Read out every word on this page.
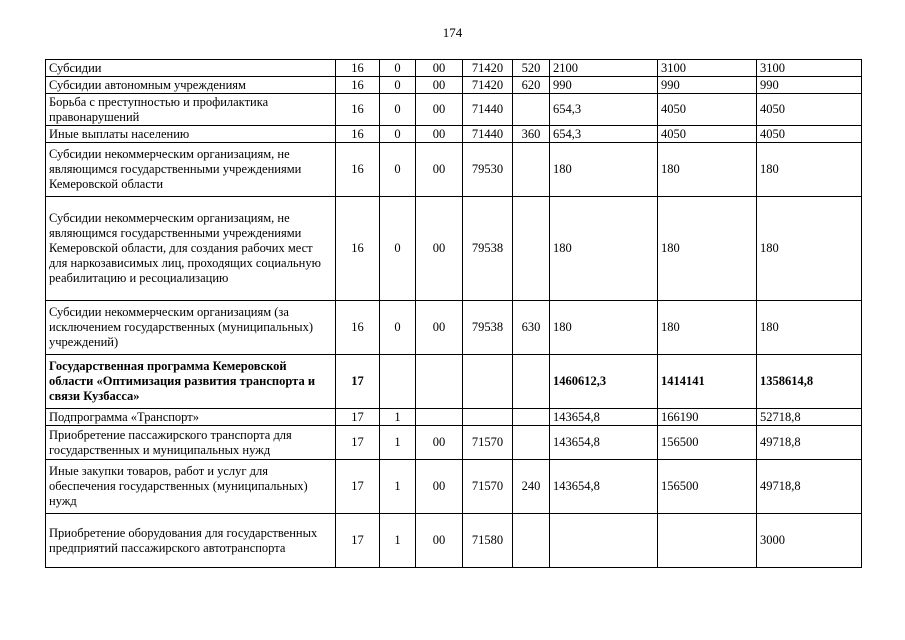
174
Субсидии	16	0	00	71420	520	2100	3100	3100
Субсидии автономным учреждениям	16	0	00	71420	620	990	990	990
Борьба с преступностью и профилактика правонарушений	16	0	00	71440		654,3	4050	4050
Иные выплаты населению	16	0	00	71440	360	654,3	4050	4050
Субсидии некоммерческим организациям, не являющимся государственными учреждениями Кемеровской области	16	0	00	79530		180	180	180
Субсидии некоммерческим организациям, не являющимся государственными учреждениями Кемеровской области, для создания рабочих мест для наркозависимых лиц, проходящих социальную реабилитацию и ресоциализацию	16	0	00	79538		180	180	180
Субсидии некоммерческим организациям (за исключением государственных (муниципальных) учреждений)	16	0	00	79538	630	180	180	180
Государственная программа Кемеровской области «Оптимизация развития транспорта и связи Кузбасса»	17					1460612,3	1414141	1358614,8
Подпрограмма «Транспорт»	17	1				143654,8	166190	52718,8
Приобретение пассажирского транспорта для государственных и муниципальных нужд	17	1	00	71570		143654,8	156500	49718,8
Иные закупки товаров, работ и услуг для обеспечения государственных (муниципальных) нужд	17	1	00	71570	240	143654,8	156500	49718,8
Приобретение оборудования для государственных предприятий пассажирского автотранспорта	17	1	00	71580				3000
